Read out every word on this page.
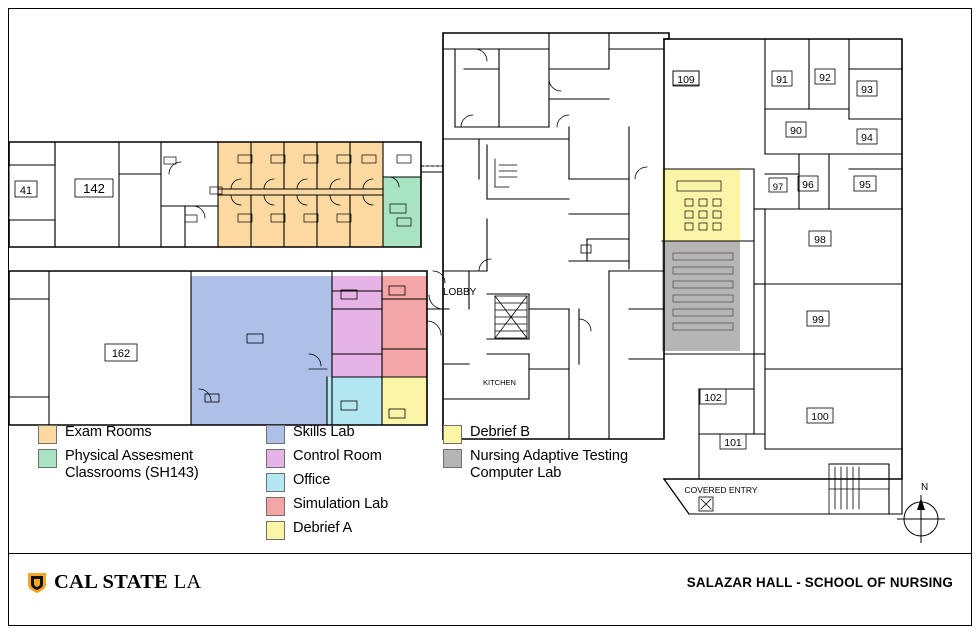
41	142
162
109	91	92
93
90
94
97 96	95
98
99
102
101
100
LOBBY
KITCHEN
COVERED ENTRY	N
Exam Rooms
Physical Assesment Classrooms (SH143)
Skills Lab
Control Room
Office
Simulation Lab
Debrief A
Debrief B
Nursing Adaptive Testing Computer Lab
CAL STATE LA	SALAZAR HALL - SCHOOL OF NURSING
